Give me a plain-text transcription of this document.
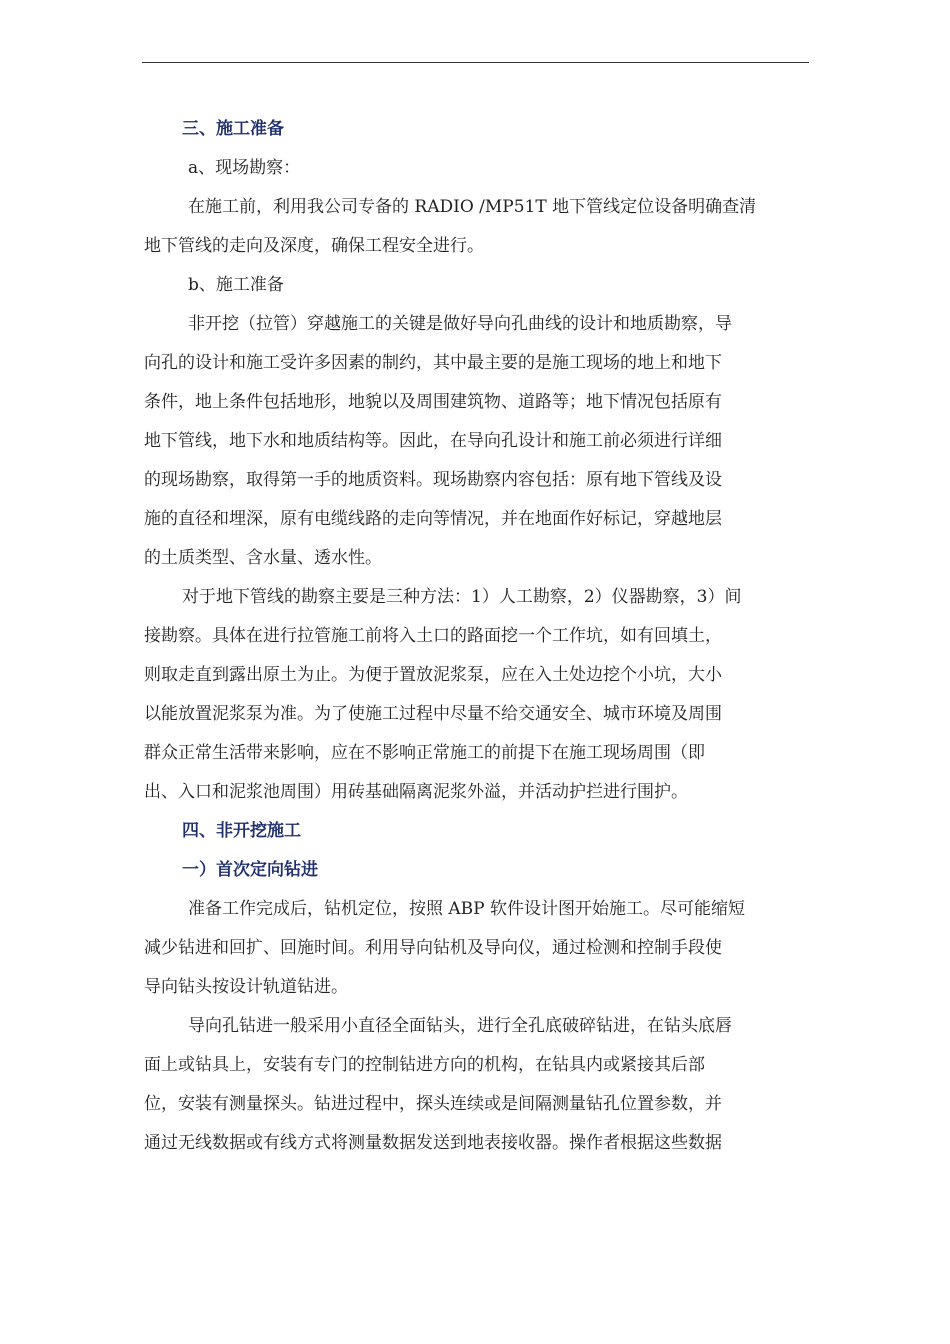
三、施工准备
a、现场勘察：
在施工前，利用我公司专备的 RADIO /MP51T 地下管线定位设备明确查清
地下管线的走向及深度，确保工程安全进行。
b、施工准备
非开挖（拉管）穿越施工的关键是做好导向孔曲线的设计和地质勘察，导
向孔的设计和施工受许多因素的制约，其中最主要的是施工现场的地上和地下
条件，地上条件包括地形，地貌以及周围建筑物、道路等；地下情况包括原有
地下管线，地下水和地质结构等。因此，在导向孔设计和施工前必须进行详细
的现场勘察，取得第一手的地质资料。现场勘察内容包括：原有地下管线及设
施的直径和埋深，原有电缆线路的走向等情况，并在地面作好标记，穿越地层
的土质类型、含水量、透水性。
对于地下管线的勘察主要是三种方法：1）人工勘察，2）仪器勘察，3）间
接勘察。具体在进行拉管施工前将入土口的路面挖一个工作坑，如有回填土，
则取走直到露出原土为止。为便于置放泥浆泵，应在入土处边挖个小坑，大小
以能放置泥浆泵为准。为了使施工过程中尽量不给交通安全、城市环境及周围
群众正常生活带来影响，应在不影响正常施工的前提下在施工现场周围（即
出、入口和泥浆池周围）用砖基础隔离泥浆外溢，并活动护拦进行围护。
四、非开挖施工
一）首次定向钻进
准备工作完成后，钻机定位，按照 ABP 软件设计图开始施工。尽可能缩短
减少钻进和回扩、回施时间。利用导向钻机及导向仪，通过检测和控制手段使
导向钻头按设计轨道钻进。
导向孔钻进一般采用小直径全面钻头，进行全孔底破碎钻进，在钻头底唇
面上或钻具上，安装有专门的控制钻进方向的机构，在钻具内或紧接其后部
位，安装有测量探头。钻进过程中，探头连续或是间隔测量钻孔位置参数，并
通过无线数据或有线方式将测量数据发送到地表接收器。操作者根据这些数据
